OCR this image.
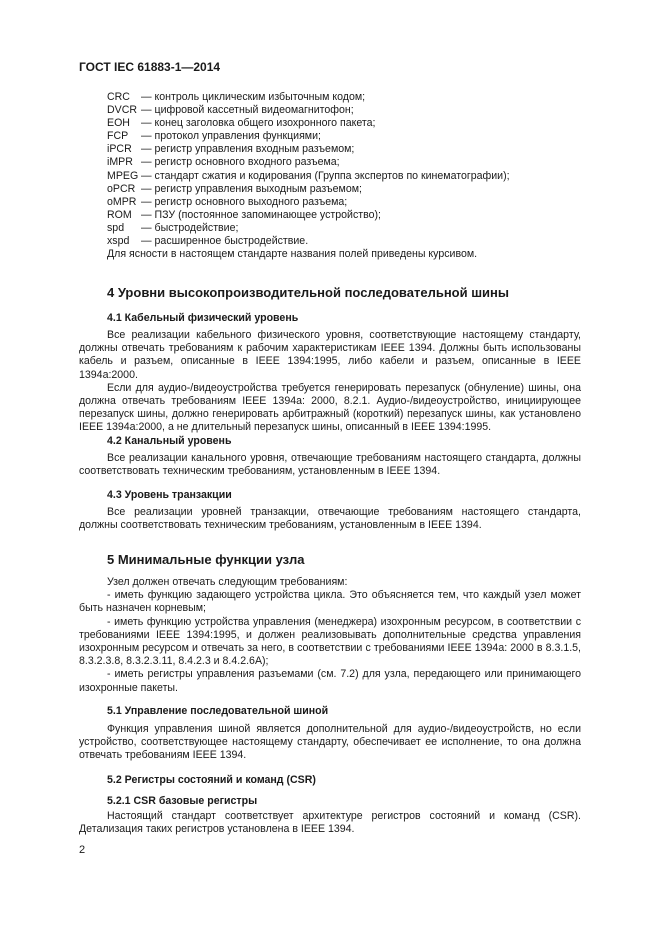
ГОСТ IEC 61883-1—2014
CRC	— контроль циклическим избыточным кодом;
DVCR — цифровой кассетный видеомагнитофон;
EOH	— конец заголовка общего изохронного пакета;
FCP	— протокол управления функциями;
iPCR — регистр управления входным разъемом;
iMPR — регистр основного входного разъема;
MPEG — стандарт сжатия и кодирования (Группа экспертов по кинематографии);
oPCR — регистр управления выходным разъемом;
oMPR — регистр основного выходного разъема;
ROM — ПЗУ (постоянное запоминающее устройство);
spd	— быстродействие;
xspd	— расширенное быстродействие.
Для ясности в настоящем стандарте названия полей приведены курсивом.
4 Уровни высокопроизводительной последовательной шины
4.1 Кабельный физический уровень

Все реализации кабельного физического уровня, соответствующие настоящему стандарту, должны отвечать требованиям к рабочим характеристикам IEEE 1394. Должны быть использованы кабель и разъем, описанные в IEEE 1394:1995, либо кабели и разъем, описанные в IEEE 1394a:2000.

Если для аудио-/видеоустройства требуется генерировать перезапуск (обнуление) шины, она должна отвечать требованиям IEEE 1394a: 2000, 8.2.1. Аудио-/видеоустройство, инициирующее перезапуск шины, должно генерировать арбитражный (короткий) перезапуск шины, как установлено IEEE 1394a:2000, а не длительный перезапуск шины, описанный в IEEE 1394:1995.

4.2 Канальный уровень

Все реализации канального уровня, отвечающие требованиям настоящего стандарта, должны соответствовать техническим требованиям, установленным в IEEE 1394.

4.3 Уровень транзакции

Все реализации уровней транзакции, отвечающие требованиям настоящего стандарта, должны соответствовать техническим требованиям, установленным в IEEE 1394.

5 Минимальные функции узла

Узел должен отвечать следующим требованиям:

- иметь функцию задающего устройства цикла. Это объясняется тем, что каждый узел может быть назначен корневым;

- иметь функцию устройства управления (менеджера) изохронным ресурсом, в соответствии с требованиями IEEE 1394:1995, и должен реализовывать дополнительные средства управления изохронным ресурсом и отвечать за него, в соответствии с требованиями IEEE 1394a: 2000 в 8.3.1.5, 8.3.2.3.8, 8.3.2.3.11, 8.4.2.3 и 8.4.2.6A);

- иметь регистры управления разъемами (см. 7.2) для узла, передающего или принимающего изохронные пакеты.

5.1 Управление последовательной шиной

Функция управления шиной является дополнительной для аудио-/видеоустройств, но если устройство, соответствующее настоящему стандарту, обеспечивает ее исполнение, то она должна отвечать требованиям IEEE 1394.

5.2 Регистры состояний и команд (CSR)
5.2.1 CSR базовые регистры

Настоящий стандарт соответствует архитектуре регистров состояний и команд (CSR). Детализация таких регистров установлена в IEEE 1394.

2
